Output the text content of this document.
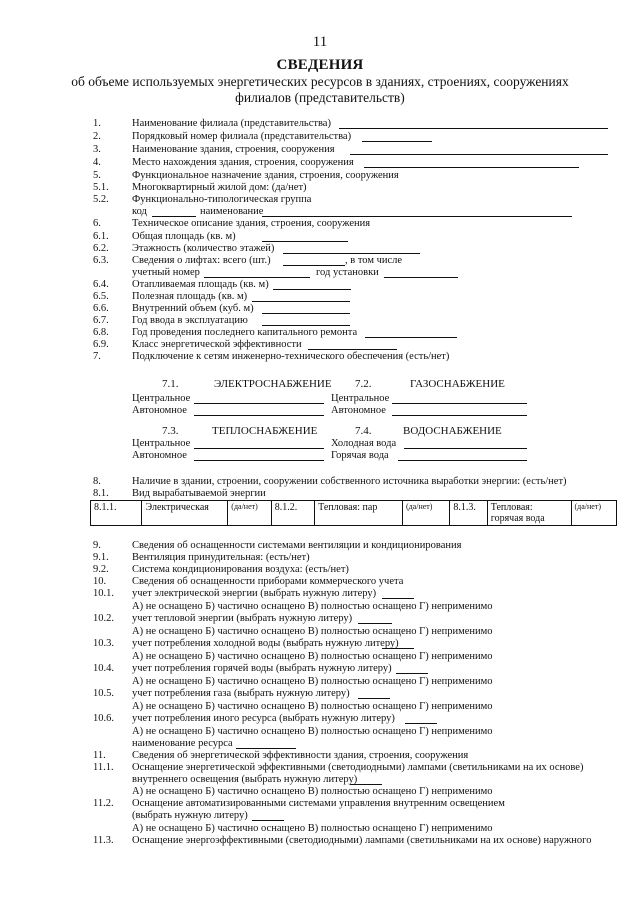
11
СВЕДЕНИЯ
об объеме используемых энергетических ресурсов в зданиях, строениях, сооружениях
филиалов (представительств)
1.	Наименование филиала (представительства)
2.	Порядковый номер филиала (представительства)
3.	Наименование здания, строения, сооружения
4.	Место нахождения здания, строения, сооружения
5.	Функциональное назначение здания, строения, сооружения
5.1. Многоквартирный жилой дом: (да/нет)
5.2. Функционально-типологическая группа
код	наименование
6.	Техническое описание здания, строения, сооружения
6.1. Общая площадь (кв. м)
6.2. Этажность (количество этажей)
6.3. Сведения о лифтах: всего (шт.)	, в том числе
учетный номер	год установки
6.4. Отапливаемая площадь (кв. м)
6.5. Полезная площадь (кв. м)
6.6. Внутренний объем (куб. м)
6.7. Год ввода в эксплуатацию
6.8. Год проведения последнего капитального ремонта
6.9. Класс энергетической эффективности
7.	Подключение к сетям инженерно-технического обеспечения (есть/нет)
7.1.	ЭЛЕКТРОСНАБЖЕНИЕ 7.2.	ГАЗОСНАБЖЕНИЕ
Центральное	Центральное
Автономное	Автономное
7.3.	ТЕПЛОСНАБЖЕНИЕ	7.4.	ВОДОСНАБЖЕНИЕ
Центральное	Холодная вода
Автономное	Горячая вода
8.	Наличие в здании, строении, сооружении собственного источника выработки энергии: (есть/нет)
8.1. Вид вырабатываемой энергии
8.1.1.	Электрическая	(да/нет)	8.1.2.	Тепловая: пар	(да/нет)	8.1.3.	Тепловая:
горячая вода	(да/нет)
9.	Сведения об оснащенности системами вентиляции и кондиционирования
9.1. Вентиляция принудительная: (есть/нет)
9.2. Система кондиционирования воздуха: (есть/нет)
10. Сведения об оснащенности приборами коммерческого учета
10.1. учет электрической энергии (выбрать нужную литеру)
А) не оснащено Б) частично оснащено В) полностью оснащено Г) неприменимо
10.2. учет тепловой энергии (выбрать нужную литеру)
А) не оснащено Б) частично оснащено В) полностью оснащено Г) неприменимо
10.3. учет потребления холодной воды (выбрать нужную литеру)
А) не оснащено Б) частично оснащено В) полностью оснащено Г) неприменимо
10.4. учет потребления горячей воды (выбрать нужную литеру)
А) не оснащено Б) частично оснащено В) полностью оснащено Г) неприменимо
10.5. учет потребления газа (выбрать нужную литеру)
А) не оснащено Б) частично оснащено В) полностью оснащено Г) неприменимо
10.6. учет потребления иного ресурса (выбрать нужную литеру)
А) не оснащено Б) частично оснащено В) полностью оснащено Г) неприменимо
наименование ресурса
11.	Сведения об энергетической эффективности здания, строения, сооружения
11.1. Оснащение энергетической эффективными (светодиодными) лампами (светильниками на их основе)
внутреннего освещения (выбрать нужную литеру)
А) не оснащено Б) частично оснащено В) полностью оснащено Г) неприменимо
11.2. Оснащение автоматизированными системами управления внутренним освещением
(выбрать нужную литеру)
А) не оснащено Б) частично оснащено В) полностью оснащено Г) неприменимо
11.3. Оснащение энергоэффективными (светодиодными) лампами (светильниками на их основе) наружного
